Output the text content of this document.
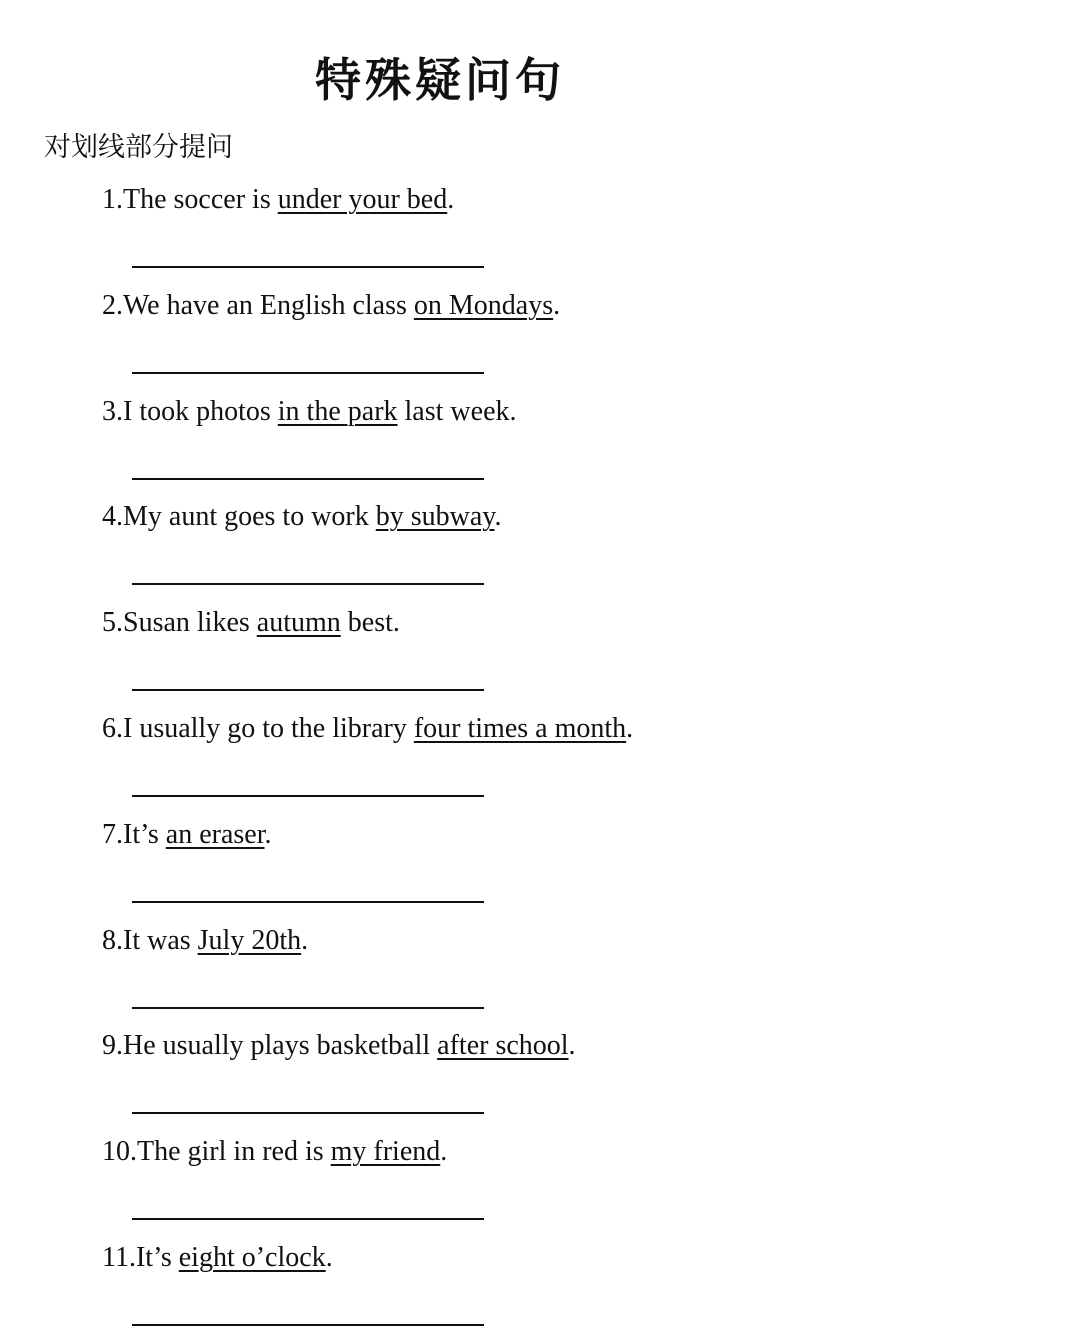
特殊疑问句
对划线部分提问
1.The soccer is under your bed.
2.We have an English class on Mondays.
3.I took photos in the park last week.
4.My aunt goes to work by subway.
5.Susan likes autumn best.
6.I usually go to the library four times a month.
7.It’s an eraser.
8.It was July 20th.
9.He usually plays basketball after school.
10.The girl in red is my friend.
11.It’s eight o’clock.
